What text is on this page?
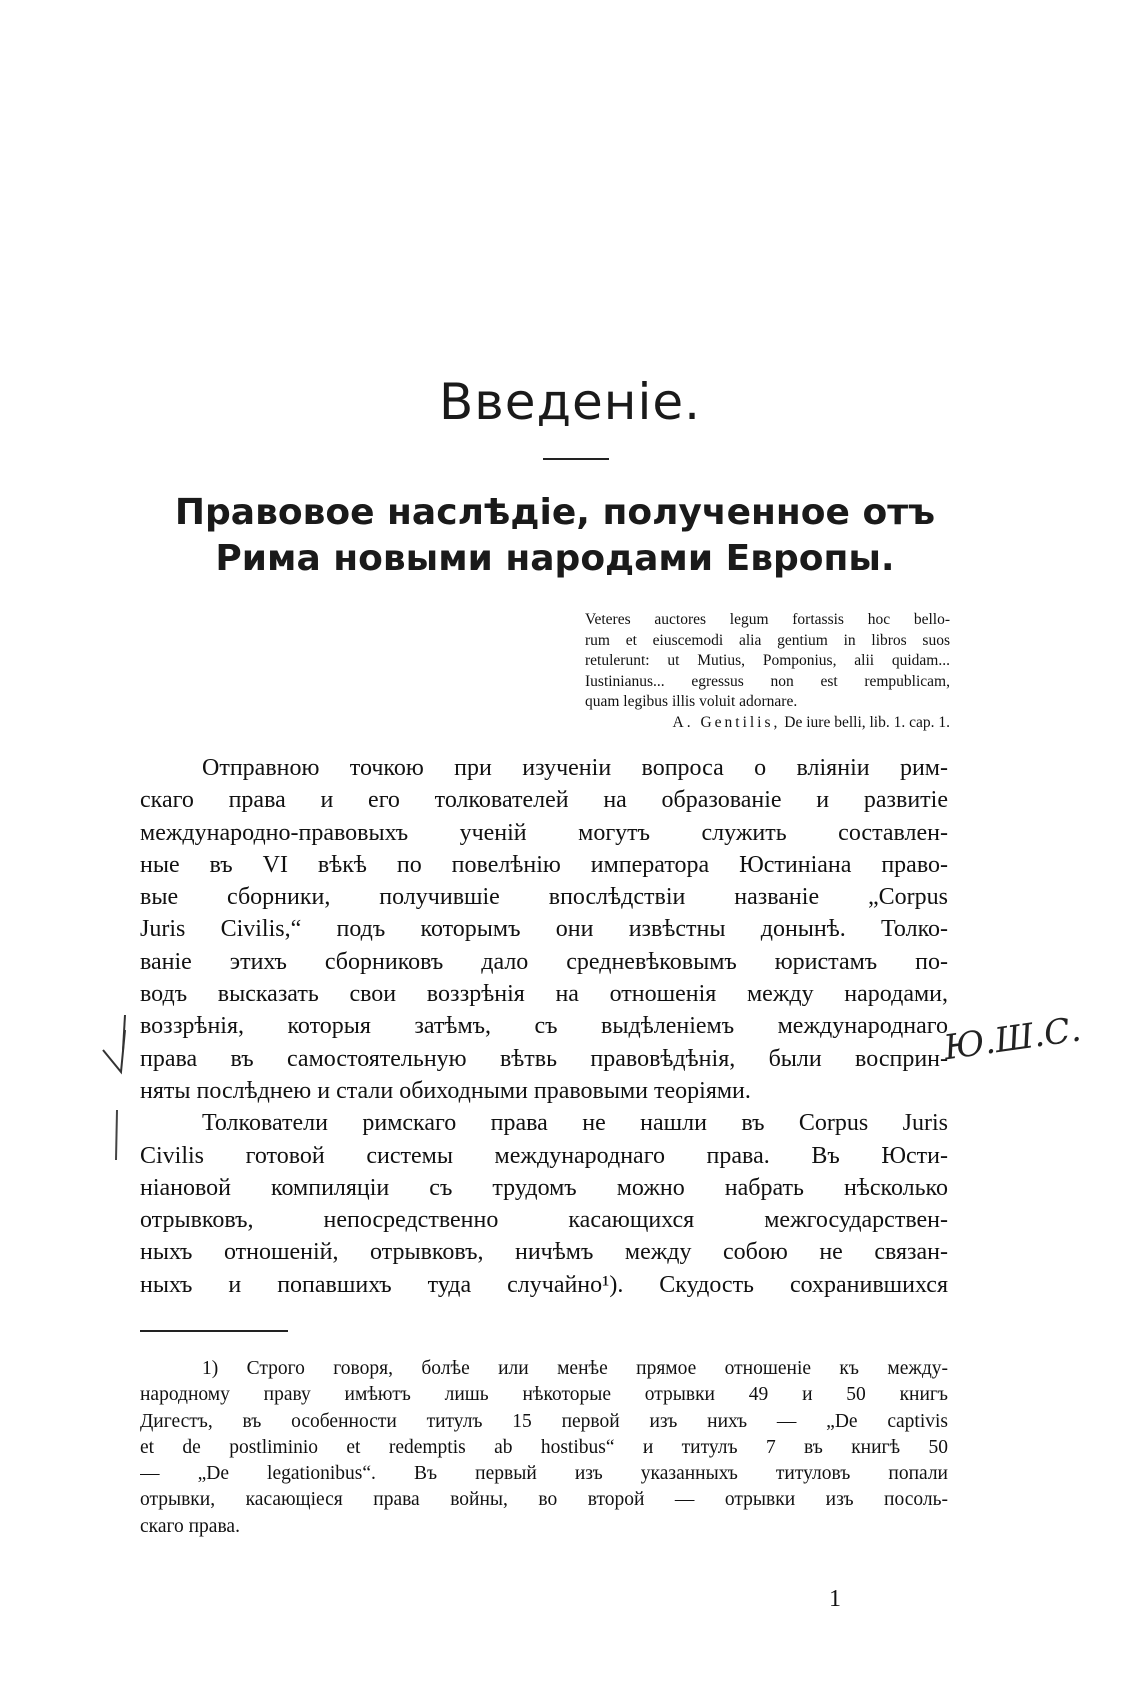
Введенiе.
Правовое наслѣдiе, полученное отъ
Рима новыми народами Европы.
Veteres auctores legum fortassis hoc bello-
rum et eiuscemodi alia gentium in libros suos
retulerunt: ut Mutius, Pomponius, alii quidam...
Iustinianus... egressus non est rempublicam,
quam legibus illis voluit adornare.
A. Gentilis, De iure belli, lib. 1. cap. 1.
Отправною точкою при изученiи вопроса о влiянiи рим-
скаго права и его толкователей на образованiе и развитiе
международно-правовыхъ ученiй могутъ служить составлен-
ные въ VI вѣкѣ по повелѣнiю императора Юстинiана право-
вые сборники, получившiе впослѣдствiи названiе „Corpus
Juris Civilis,“ подъ которымъ они извѣстны донынѣ. Толко-
ванiе этихъ сборниковъ дало средневѣковымъ юристамъ по-
водъ высказать свои воззрѣнiя на отношенiя между народами,
воззрѣнiя, которыя затѣмъ, съ выдѣленiемъ международнаго
права въ самостоятельную вѣтвь правовѣдѣнiя, были восприн-
няты послѣднею и стали обиходными правовыми теорiями.
Толкователи римскаго права не нашли въ Corpus Juris
Civilis готовой системы международнаго права. Въ Юсти-
нiановой компиляцiи съ трудомъ можно набрать нѣсколько
отрывковъ, непосредственно касающихся межгосударствен-
ныхъ отношенiй, отрывковъ, ничѣмъ между собою не связан-
ныхъ и попавшихъ туда случайно¹). Скудость сохранившихся
1) Строго говоря, болѣе или менѣе прямое отношенiе къ между-
народному праву имѣютъ лишь нѣкоторые отрывки 49 и 50 книгъ
Дигестъ, въ особенности титулъ 15 первой изъ нихъ — „De captivis
et de postliminio et redemptis ab hostibus“ и титулъ 7 въ книгѣ 50
— „De legationibus“. Въ первый изъ указанныхъ титуловъ попали
отрывки, касающiеся права войны, во второй — отрывки изъ посоль-
скаго права.
1
Ю.Ш.С.
